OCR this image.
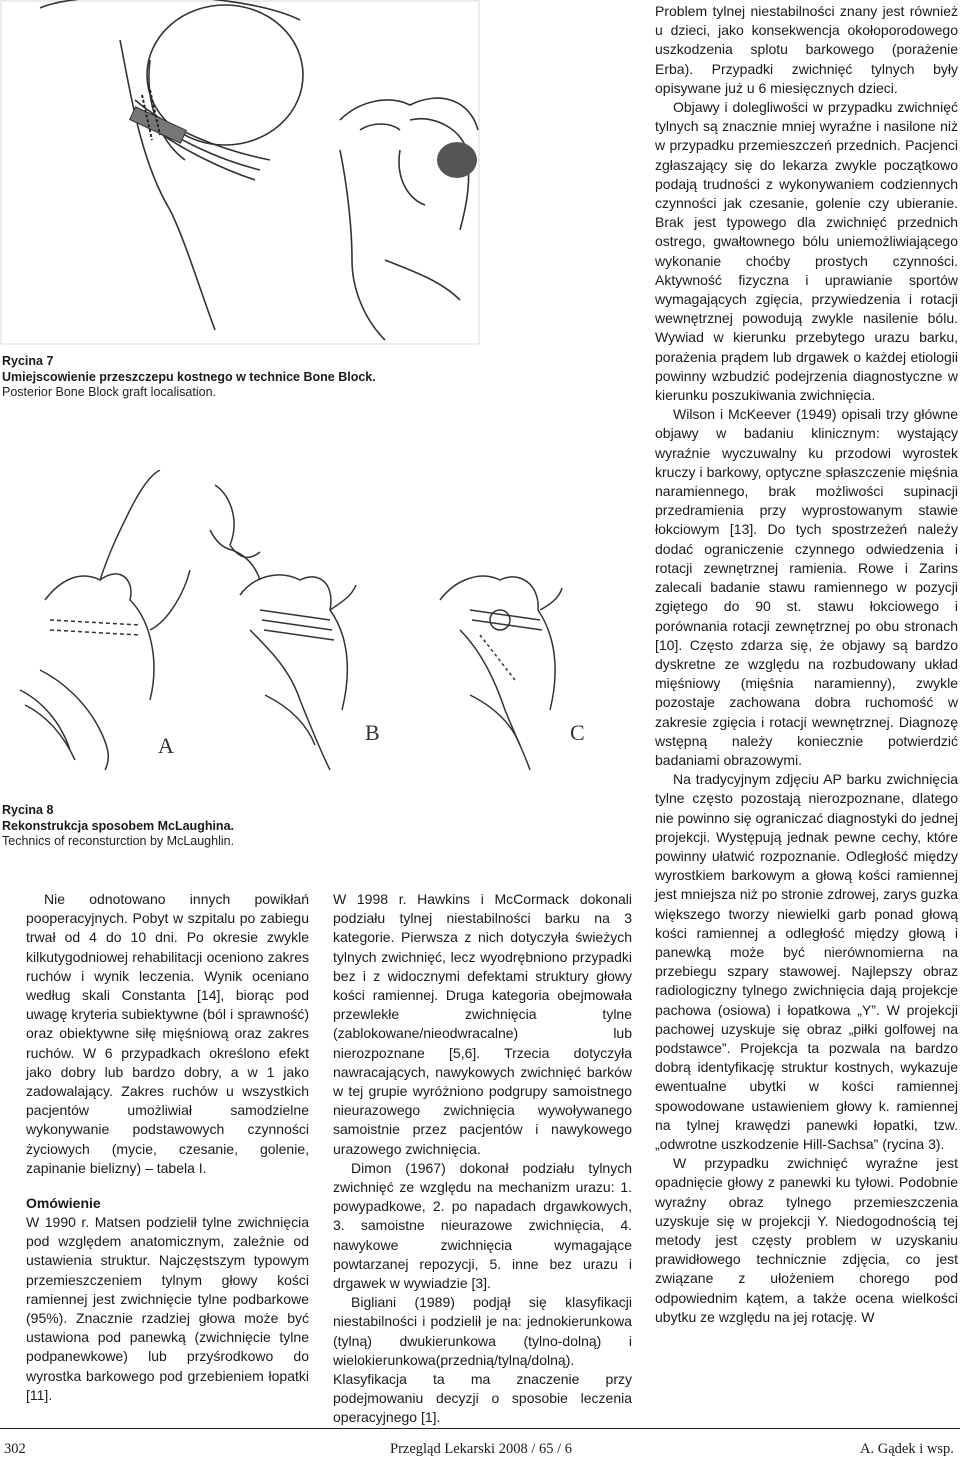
Rycina 7
Umiejscowienie przeszczepu kostnego w technice Bone Block.
Posterior Bone Block graft localisation.
A
B	C
Rycina 8
Rekonstrukcja sposobem McLaughina.
Technics of reconsturction by McLaughlin.

Nie odnotowano innych powikłań pooperacyjnych. Pobyt w szpitalu po zabiegu trwał od 4 do 10 dni. Po okresie zwykle kilkutygodniowej rehabilitacji oceniono zakres ruchów i wynik leczenia. Wynik oceniano według skali Constanta [14], biorąc pod uwagę kryteria subiektywne (ból i sprawność) oraz obiektywne siłę mięśniową oraz zakres ruchów. W 6 przypadkach określono efekt jako dobry lub bardzo dobry, a w 1 jako zadowalający. Zakres ruchów u wszystkich pacjentów umożliwiał samodzielne wykonywanie podstawowych czynności życiowych (mycie, czesanie, golenie, zapinanie bielizny) – tabela I.

Omówienie

W 1990 r. Matsen podzielił tylne zwichnięcia pod względem anatomicznym, zależnie od ustawienia struktur. Najczęstszym typowym przemieszczeniem tylnym głowy kości ramiennej jest zwichnięcie tylne podbarkowe (95%). Znacznie rzadziej głowa może być ustawiona pod panewką (zwichnięcie tylne podpanewkowe) lub przyśrodkowo do wyrostka barkowego pod grzebieniem łopatki [11].

W 1998 r. Hawkins i McCormack dokonali podziału tylnej niestabilności barku na 3 kategorie. Pierwsza z nich dotyczyła świeżych tylnych zwichnięć, lecz wyodrębniono przypadki bez i z widocznymi defektami struktury głowy kości ramiennej. Druga kategoria obejmowała przewlekłe zwichnięcia tylne (zablokowane/nieodwracalne) lub nierozpoznane [5,6]. Trzecia dotyczyła nawracających, nawykowych zwichnięć barków w tej grupie wyróżniono podgrupy samoistnego nieurazowego zwichnięcia wywoływanego samoistnie przez pacjentów i nawykowego urazowego zwichnięcia.

Dimon (1967) dokonał podziału tylnych zwichnięć ze względu na mechanizm urazu: 1. powypadkowe, 2. po napadach drgawkowych, 3. samoistne nieurazowe zwichnięcia, 4. nawykowe zwichnięcia wymagające powtarzanej repozycji, 5. inne bez urazu i drgawek w wywiadzie [3].

Bigliani (1989) podjął się klasyfikacji niestabilności i podzielił je na: jednokierunkowa (tylną) dwukierunkowa (tylno-dolną) i wielokierunkowa(przednią/tylną/dolną). Klasyfikacja ta ma znaczenie przy podejmowaniu decyzji o sposobie leczenia operacyjnego [1].

Problem tylnej niestabilności znany jest również u dzieci, jako konsekwencja okołoporodowego uszkodzenia splotu barkowego (porażenie Erba). Przypadki zwichnięć tylnych były opisywane już u 6 miesięcznych dzieci.

Objawy i dolegliwości w przypadku zwichnięć tylnych są znacznie mniej wyraźne i nasilone niż w przypadku przemieszczeń przednich. Pacjenci zgłaszający się do lekarza zwykle początkowo podają trudności z wykonywaniem codziennych czynności jak czesanie, golenie czy ubieranie. Brak jest typowego dla zwichnięć przednich ostrego, gwałtownego bólu uniemożliwiającego wykonanie choćby prostych czynności. Aktywność fizyczna i uprawianie sportów wymagających zgięcia, przywiedzenia i rotacji wewnętrznej powodują zwykle nasilenie bólu. Wywiad w kierunku przebytego urazu barku, porażenia prądem lub drgawek o każdej etiologii powinny wzbudzić podejrzenia diagnostyczne w kierunku poszukiwania zwichnięcia.

Wilson i McKeever (1949) opisali trzy główne objawy w badaniu klinicznym: wystający wyraźnie wyczuwalny ku przodowi wyrostek kruczy i barkowy, optyczne spłaszczenie mięśnia naramiennego, brak możliwości supinacji przedramienia przy wyprostowanym stawie łokciowym [13]. Do tych spostrzeżeń należy dodać ograniczenie czynnego odwiedzenia i rotacji zewnętrznej ramienia. Rowe i Zarins zalecali badanie stawu ramiennego w pozycji zgiętego do 90 st. stawu łokciowego i porównania rotacji zewnętrznej po obu stronach [10]. Często zdarza się, że objawy są bardzo dyskretne ze względu na rozbudowany układ mięśniowy (mięśnia naramienny), zwykle pozostaje zachowana dobra ruchomość w zakresie zgięcia i rotacji wewnętrznej. Diagnozę wstępną należy koniecznie potwierdzić badaniami obrazowymi.

Na tradycyjnym zdjęciu AP barku zwichnięcia tylne często pozostają nierozpoznane, dlatego nie powinno się ograniczać diagnostyki do jednej projekcji. Występują jednak pewne cechy, które powinny ułatwić rozpoznanie. Odległość między wyrostkiem barkowym a głową kości ramiennej jest mniejsza niż po stronie zdrowej, zarys guzka większego tworzy niewielki garb ponad głową kości ramiennej a odległość między głową i panewką może być nierównomierna na przebiegu szpary stawowej. Najlepszy obraz radiologiczny tylnego zwichnięcia dają projekcje pachowa (osiowa) i łopatkowa „Y”. W projekcji pachowej uzyskuje się obraz „piłki golfowej na podstawce”. Projekcja ta pozwala na bardzo dobrą identyfikację struktur kostnych, wykazuje ewentualne ubytki w kości ramiennej spowodowane ustawieniem głowy k. ramiennej na tylnej krawędzi panewki łopatki, tzw. „odwrotne uszkodzenie Hill-Sachsa” (rycina 3).

W przypadku zwichnięć wyraźne jest opadnięcie głowy z panewki ku tyłowi. Podobnie wyraźny obraz tylnego przemieszczenia uzyskuje się w projekcji Y. Niedogodnością tej metody jest częsty problem w uzyskaniu prawidłowego technicznie zdjęcia, co jest związane z ułożeniem chorego pod odpowiednim kątem, a także ocena wielkości ubytku ze względu na jej rotację. W

302	Przegląd Lekarski 2008 / 65 / 6	A. Gądek i wsp.
